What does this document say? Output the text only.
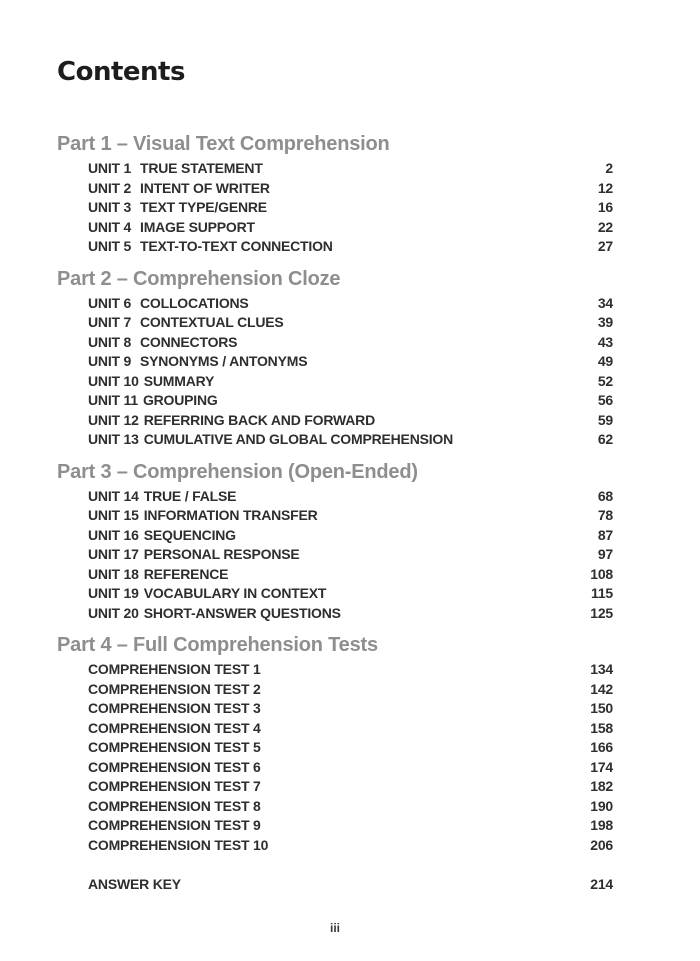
Contents
Part 1 – Visual Text Comprehension
UNIT 1 TRUE STATEMENT	2
UNIT 2 INTENT OF WRITER	12
UNIT 3 TEXT TYPE/GENRE	16
UNIT 4 IMAGE SUPPORT	22
UNIT 5 TEXT-TO-TEXT CONNECTION	27
Part 2 – Comprehension Cloze
UNIT 6 COLLOCATIONS	34
UNIT 7 CONTEXTUAL CLUES	39
UNIT 8 CONNECTORS	43
UNIT 9 SYNONYMS / ANTONYMS	49
UNIT 10 SUMMARY	52
UNIT 11 GROUPING	56
UNIT 12 REFERRING BACK AND FORWARD	59
UNIT 13 CUMULATIVE AND GLOBAL COMPREHENSION	62
Part 3 – Comprehension (Open-Ended)
UNIT 14 TRUE / FALSE	68
UNIT 15 INFORMATION TRANSFER	78
UNIT 16 SEQUENCING	87
UNIT 17 PERSONAL RESPONSE	97
UNIT 18 REFERENCE	108
UNIT 19 VOCABULARY IN CONTEXT	115
UNIT 20 SHORT-ANSWER QUESTIONS	125
Part 4 – Full Comprehension Tests
COMPREHENSION TEST 1	134
COMPREHENSION TEST 2	142
COMPREHENSION TEST 3	150
COMPREHENSION TEST 4	158
COMPREHENSION TEST 5	166
COMPREHENSION TEST 6	174
COMPREHENSION TEST 7	182
COMPREHENSION TEST 8	190
COMPREHENSION TEST 9	198
COMPREHENSION TEST 10	206
ANSWER KEY	214
iii
